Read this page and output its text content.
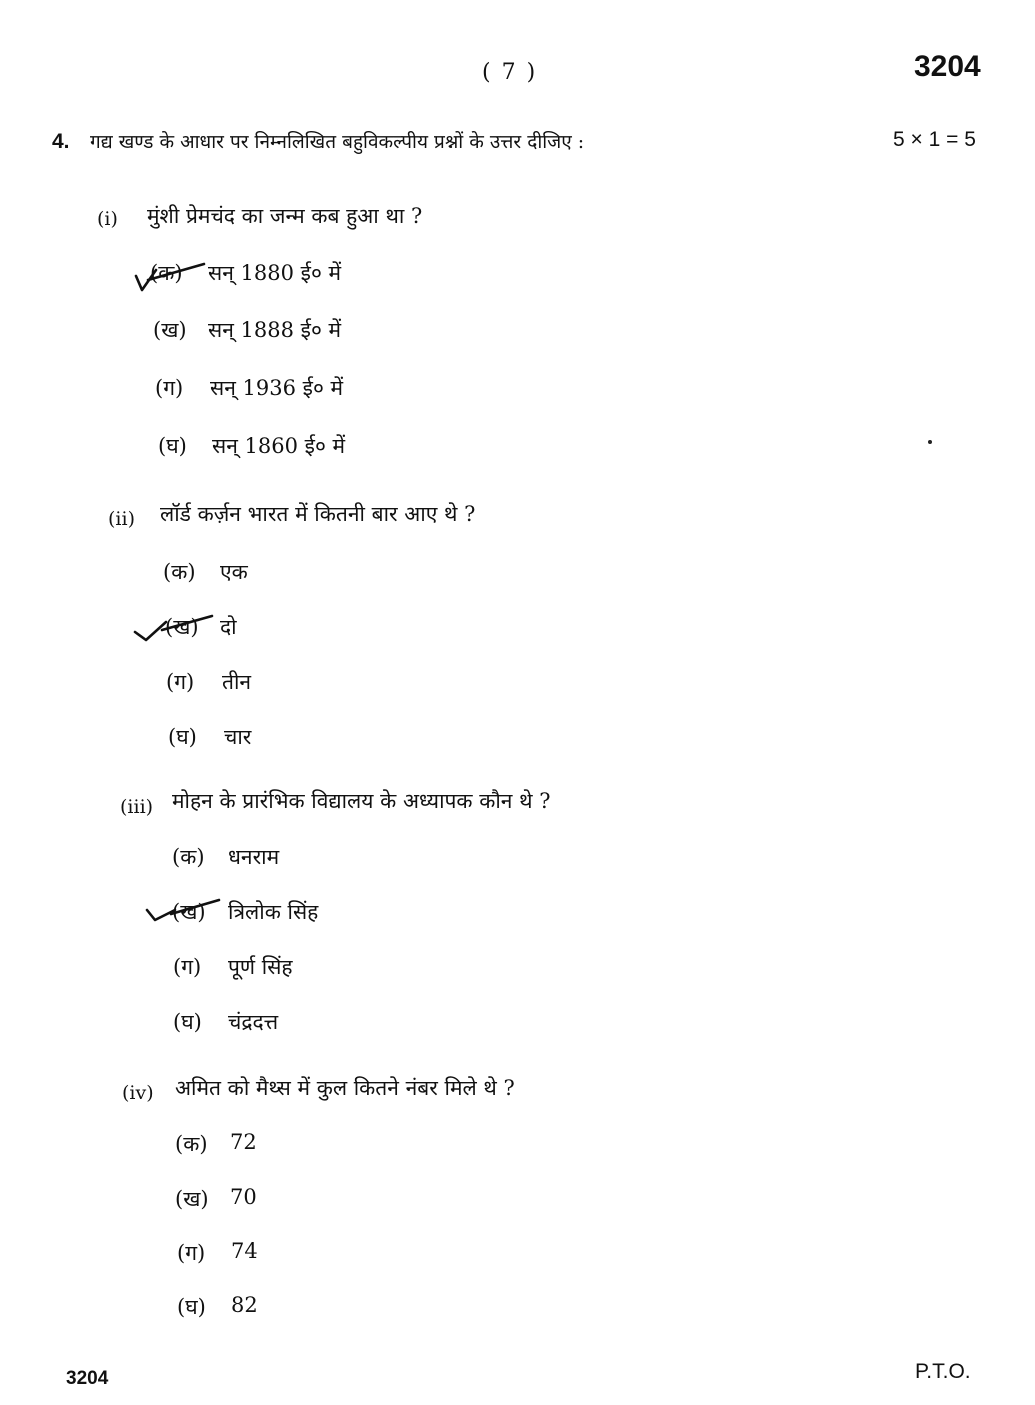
( 7 )	3204
4. गद्य खण्ड के आधार पर निम्नलिखित बहुविकल्पीय प्रश्नों के उत्तर दीजिए :	5 × 1 = 5
(i) मुंशी प्रेमचंद का जन्म कब हुआ था ?
(क) सन् 1880 ई० में
(ख) सन् 1888 ई० में
(ग) सन् 1936 ई० में
(घ) सन् 1860 ई० में
(ii) लॉर्ड कर्ज़न भारत में कितनी बार आए थे ?
(क) एक
(ख) दो
(ग) तीन
(घ) चार
(iii) मोहन के प्रारंभिक विद्यालय के अध्यापक कौन थे ?
(क) धनराम
(ख) त्रिलोक सिंह
(ग) पूर्ण सिंह
(घ) चंद्रदत्त
(iv) अमित को मैथ्स में कुल कितने नंबर मिले थे ?
(क) 72
(ख) 70
(ग) 74
(घ) 82
3204	P.T.O.
